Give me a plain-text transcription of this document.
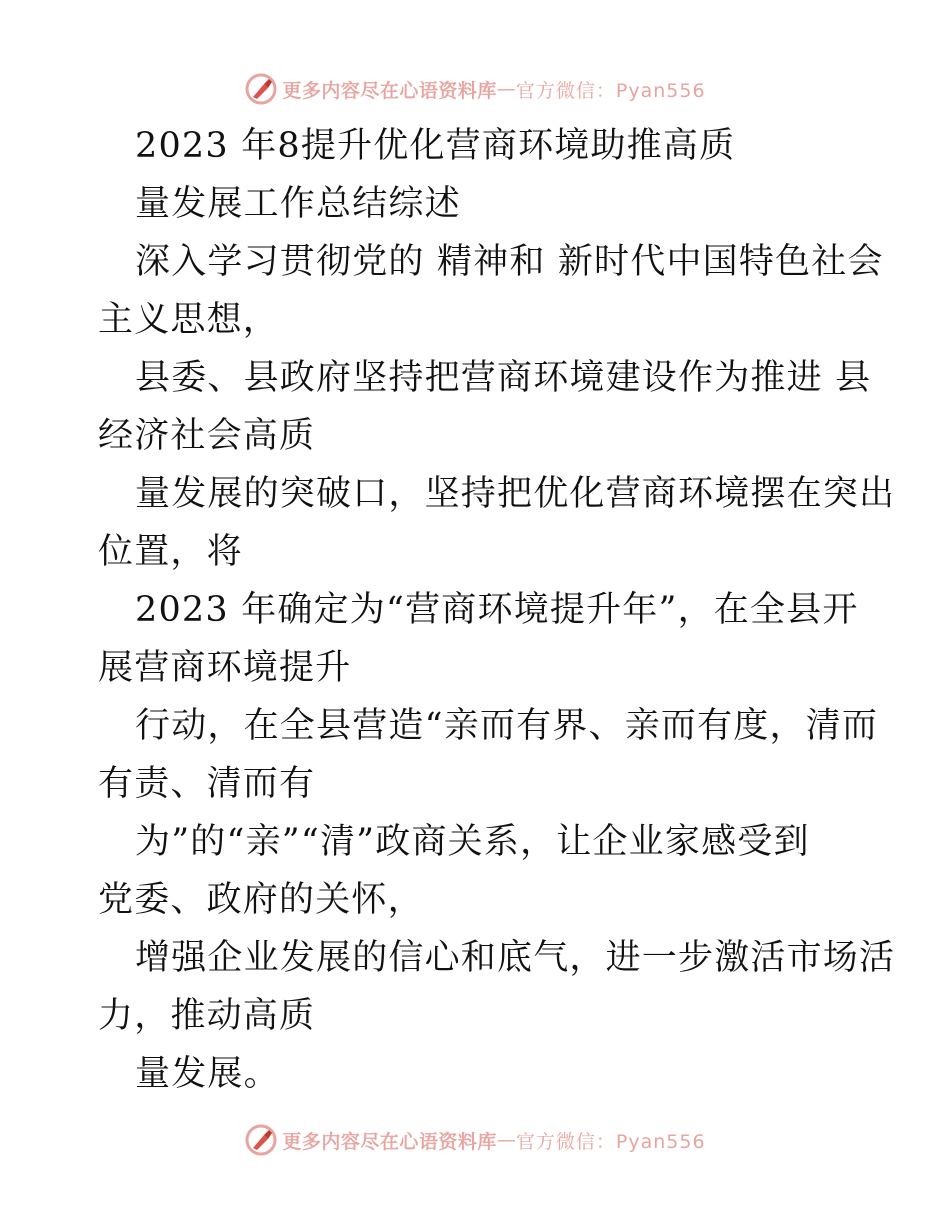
更多内容尽在心语资料库 — 官方微信：Pyan556
2023 年8提升优化营商环境助推高质
量发展工作总结综述
深入学习贯彻党的 精神和 新时代中国特色社会
主义思想，
县委、县政府坚持把营商环境建设作为推进 县
经济社会高质
量发展的突破口，坚持把优化营商环境摆在突出
位置，将
2023 年确定为“营商环境提升年”，在全县开
展营商环境提升
行动，在全县营造“亲而有界、亲而有度，清而
有责、清而有
为”的“亲”“清”政商关系，让企业家感受到
党委、政府的关怀，
增强企业发展的信心和底气，进一步激活市场活
力，推动高质
量发展。
更多内容尽在心语资料库 — 官方微信：Pyan556
